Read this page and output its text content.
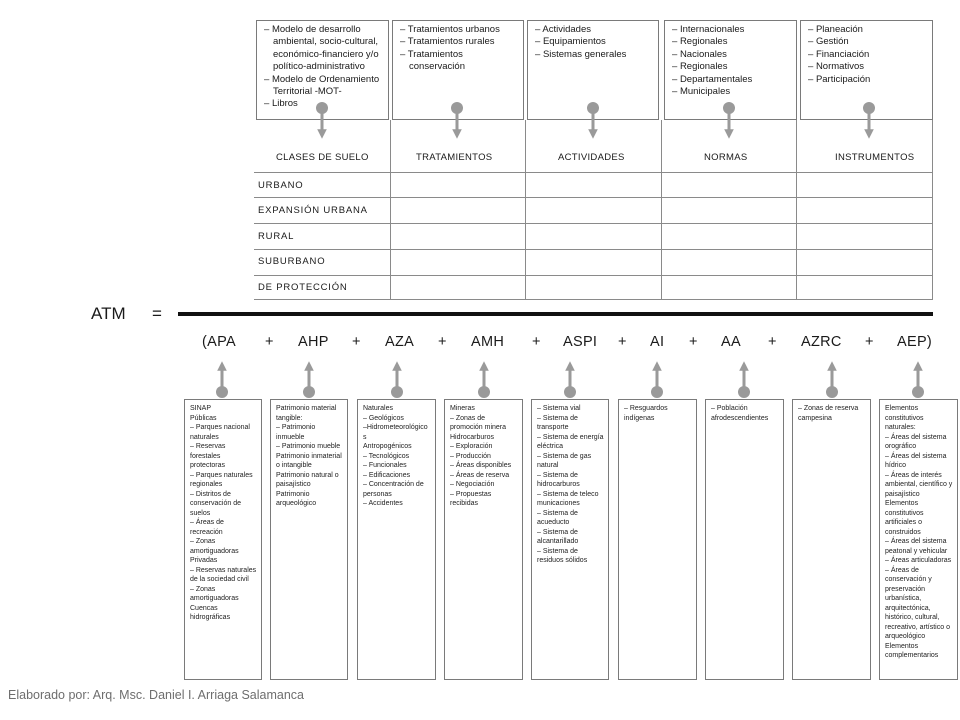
– Modelo de desarrollo ambiental, socio-cultural, económico-financiero y/o político-administrativo
– Modelo de Ordenamiento Territorial -MOT-
– Libros
– Tratamientos urbanos
– Tratamientos rurales
– Tratamientos conservación
– Actividades
– Equipamientos
– Sistemas generales
– Internacionales
– Regionales
– Nacionales
– Regionales
– Departamentales
– Municipales
– Planeación
– Gestión
– Financiación
– Normativos
– Participación
CLASES DE SUELO	TRATAMIENTOS	ACTIVIDADES	NORMAS	INSTRUMENTOS
URBANO
EXPANSIÓN URBANA
RURAL
SUBURBANO
DE PROTECCIÓN
ATM =
(APA + AHP + AZA + AMH + ASPI + AI + AA + AZRC + AEP)
SINAP
Públicas
– Parques nacional naturales
– Reservas forestales protectoras
– Parques naturales regionales
– Distritos de conservación de suelos
– Áreas de recreación
– Zonas amortiguadoras
Privadas
– Reservas naturales de la sociedad civil
– Zonas amortiguadoras
Cuencas hidrográficas
Patrimonio material tangible:
– Patrimonio inmueble
– Patrimonio mueble
Patrimonio inmaterial o intangible
Patrimonio natural o paisajístico
Patrimonio arqueológico
Naturales
– Geológicos
–Hidrometeorológicos
Antropogénicos
– Tecnológicos
– Funcionales
– Edificaciones
– Concentración de personas
– Accidentes
Mineras
– Zonas de promoción minera
Hidrocarburos
– Exploración
– Producción
– Áreas disponibles
– Áreas de reserva
– Negociación
– Propuestas recibidas
– Sistema vial
– Sistema de transporte
– Sistema de energía eléctrica
– Sistema de gas natural
– Sistema de hidrocarburos
– Sistema de telecomunicaciones
– Sistema de acueducto
– Sistema de alcantarillado
– Sistema de residuos sólidos
– Resguardos indígenas
– Población afrodescendientes
– Zonas de reserva campesina
Elementos constitutivos naturales:
– Áreas del sistema orográfico
– Áreas del sistema hídrico
– Áreas de interés ambiental, científico y paisajístico
Elementos constitutivos artificiales o construidos
– Áreas del sistema peatonal y vehicular
– Áreas articuladoras
– Áreas de conservación y preservación urbanística, arquitectónica, histórico, cultural, recreativo, artístico o arqueológico
Elementos complementarios
Elaborado por: Arq. Msc. Daniel I. Arriaga Salamanca
